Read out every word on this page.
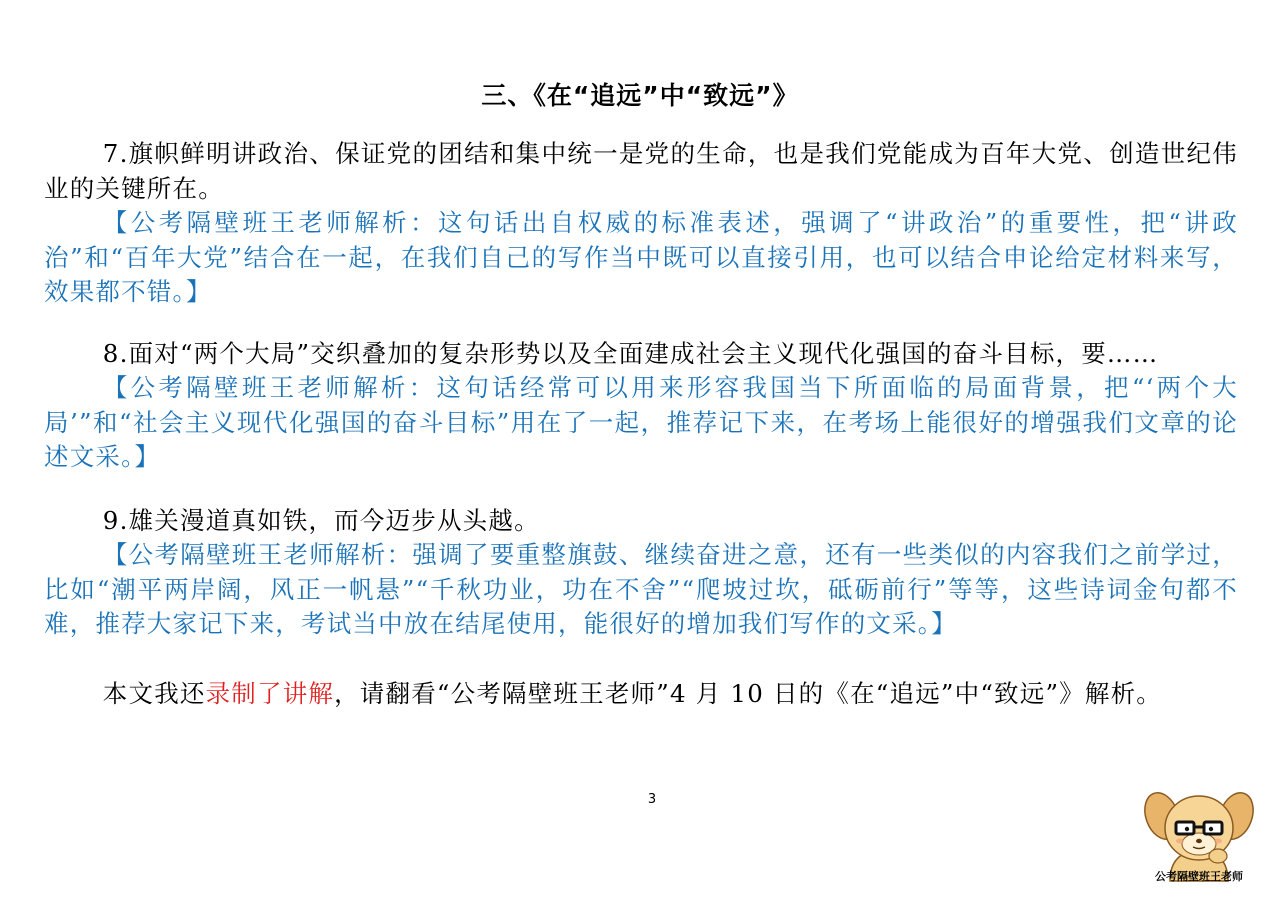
三、《在“追远”中“致远”》
7.旗帜鲜明讲政治、保证党的团结和集中统一是党的生命，也是我们党能成为百年大党、创造世纪伟业的关键所在。
【公考隔壁班王老师解析：这句话出自权威的标准表述，强调了“讲政治”的重要性，把“讲政治”和“百年大党”结合在一起，在我们自己的写作当中既可以直接引用，也可以结合申论给定材料来写，效果都不错。】
8.面对“两个大局”交织叠加的复杂形势以及全面建成社会主义现代化强国的奋斗目标，要……
【公考隔壁班王老师解析：这句话经常可以用来形容我国当下所面临的局面背景，把“‘两个大局’”和“社会主义现代化强国的奋斗目标”用在了一起，推荐记下来，在考场上能很好的增强我们文章的论述文采。】
9.雄关漫道真如铁，而今迈步从头越。
【公考隔壁班王老师解析：强调了要重整旗鼓、继续奋进之意，还有一些类似的内容我们之前学过，比如“潮平两岸阔，风正一帆悬”“千秋功业，功在不舍”“爬坡过坎，砥砺前行”等等，这些诗词金句都不难，推荐大家记下来，考试当中放在结尾使用，能很好的增加我们写作的文采。】
本文我还录制了讲解，请翻看“公考隔壁班王老师”4 月 10 日的《在“追远”中“致远”》解析。
3
公考隔壁班王老师
